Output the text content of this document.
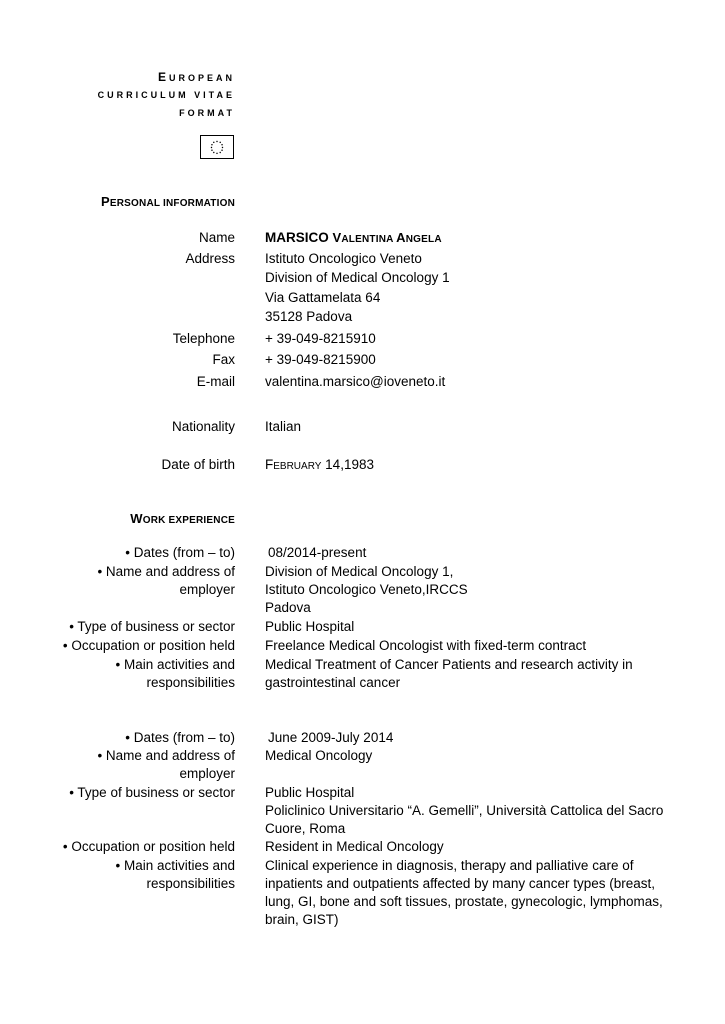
EUROPEAN
CURRICULUM VITAE
FORMAT
PERSONAL INFORMATION
Name MARSICO VALENTINA ANGELA
Address Istituto Oncologico Veneto
Division of Medical Oncology 1
Via Gattamelata 64
35128 Padova
Telephone + 39-049-8215910
Fax + 39-049-8215900
E-mail valentina.marsico@ioveneto.it
Nationality Italian
Date of birth FEBRUARY 14,1983
WORK EXPERIENCE
• Dates (from – to) 08/2014-present
• Name and address of
employer
Division of Medical Oncology 1,
Istituto Oncologico Veneto,IRCCS
Padova
• Type of business or sector Public Hospital
• Occupation or position held Freelance Medical Oncologist with fixed-term contract
• Main activities and
responsibilities
Medical Treatment of Cancer Patients and research activity in gastrointestinal cancer
• Dates (from – to) June 2009-July 2014
• Name and address of
employer
Medical Oncology
• Type of business or sector Public Hospital
Policlinico Universitario “A. Gemelli”, Università Cattolica del Sacro Cuore, Roma
• Occupation or position held Resident in Medical Oncology
• Main activities and
responsibilities
Clinical experience in diagnosis, therapy and palliative care of inpatients and outpatients affected by many cancer types (breast, lung, GI, bone and soft tissues, prostate, gynecologic, lymphomas, brain, GIST)
